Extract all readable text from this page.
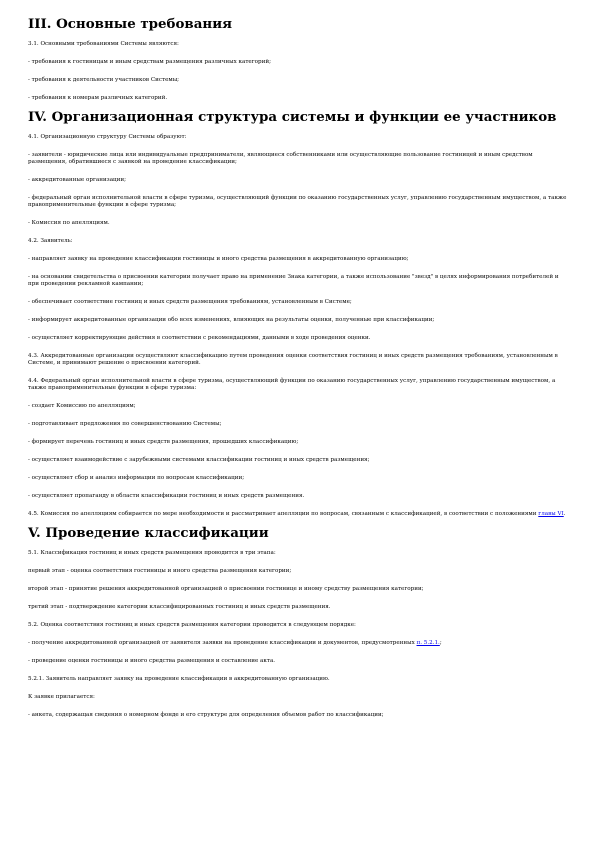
III. Основные требования

3.1. Основными требованиями Системы являются:

- требования к гостиницам и иным средствам размещения различных категорий;

- требования к деятельности участников Системы;

- требования к номерам различных категорий.

IV. Организационная структура системы и функции ее участников

4.1. Организационную структуру Системы образуют:

- заявители - юридические лица или индивидуальные предприниматели, являющиеся собственниками или осуществляющие пользование гостиницей и иным средством размещения, обратившиеся с заявкой на проведение классификации;

- аккредитованные организации;

- федеральный орган исполнительной власти в сфере туризма, осуществляющий функции по оказанию государственных услуг, управлению государственным имуществом, а также правоприменительные функции в сфере туризма;

- Комиссия по апелляциям.

4.2. Заявитель:

- направляет заявку на проведение классификации гостиницы и иного средства размещения в аккредитованную организацию;

- на основании свидетельства о присвоении категории получает право на применение Знака категории, а также использование "звезд" в целях информирования потребителей и при проведении рекламной кампании;

- обеспечивает соответствие гостиниц и иных средств размещения требованиям, установленным в Системе;

- информирует аккредитованные организации обо всех изменениях, влияющих на результаты оценки, полученные при классификации;

- осуществляет корректирующие действия в соответствии с рекомендациями, данными в ходе проведения оценки.

4.3. Аккредитованные организации осуществляют классификацию путем проведения оценки соответствия гостиниц и иных средств размещения требованиям, установленным в Системе, и принимают решение о присвоении категорий.

4.4. Федеральный орган исполнительной власти в сфере туризма, осуществляющий функции по оказанию государственных услуг, управлению государственным имуществом, а также правоприменительные функции в сфере туризма:

- создает Комиссию по апелляциям;

- подготавливает предложения по совершенствованию Системы;

- формирует перечень гостиниц и иных средств размещения, прошедших классификацию;

- осуществляет взаимодействие с зарубежными системами классификации гостиниц и иных средств размещения;

- осуществляет сбор и анализ информации по вопросам классификации;

- осуществляет пропаганду в области классификации гостиниц и иных средств размещения.

4.5. Комиссия по апелляциям собирается по мере необходимости и рассматривает апелляции по вопросам, связанным с классификацией, в соответствии с положениями главы VI.

V. Проведение классификации

5.1. Классификация гостиниц и иных средств размещения проводится в три этапа:

первый этап - оценка соответствия гостиницы и иного средства размещения категории;

второй этап - принятие решения аккредитованной организацией о присвоении гостинице и иному средству размещения категории;

третий этап - подтверждение категории классифицированных гостиниц и иных средств размещения.

5.2. Оценка соответствия гостиниц и иных средств размещения категории проводится в следующем порядке:

- получение аккредитованной организацией от заявителя заявки на проведение классификации и документов, предусмотренных п. 5.2.1.;

- проведение оценки гостиницы и иного средства размещения и составление акта.

5.2.1. Заявитель направляет заявку на проведение классификации в аккредитованную организацию.

К заявке прилагается:

- анкета, содержащая сведения о номерном фонде и его структуре для определения объемов работ по классификации;
